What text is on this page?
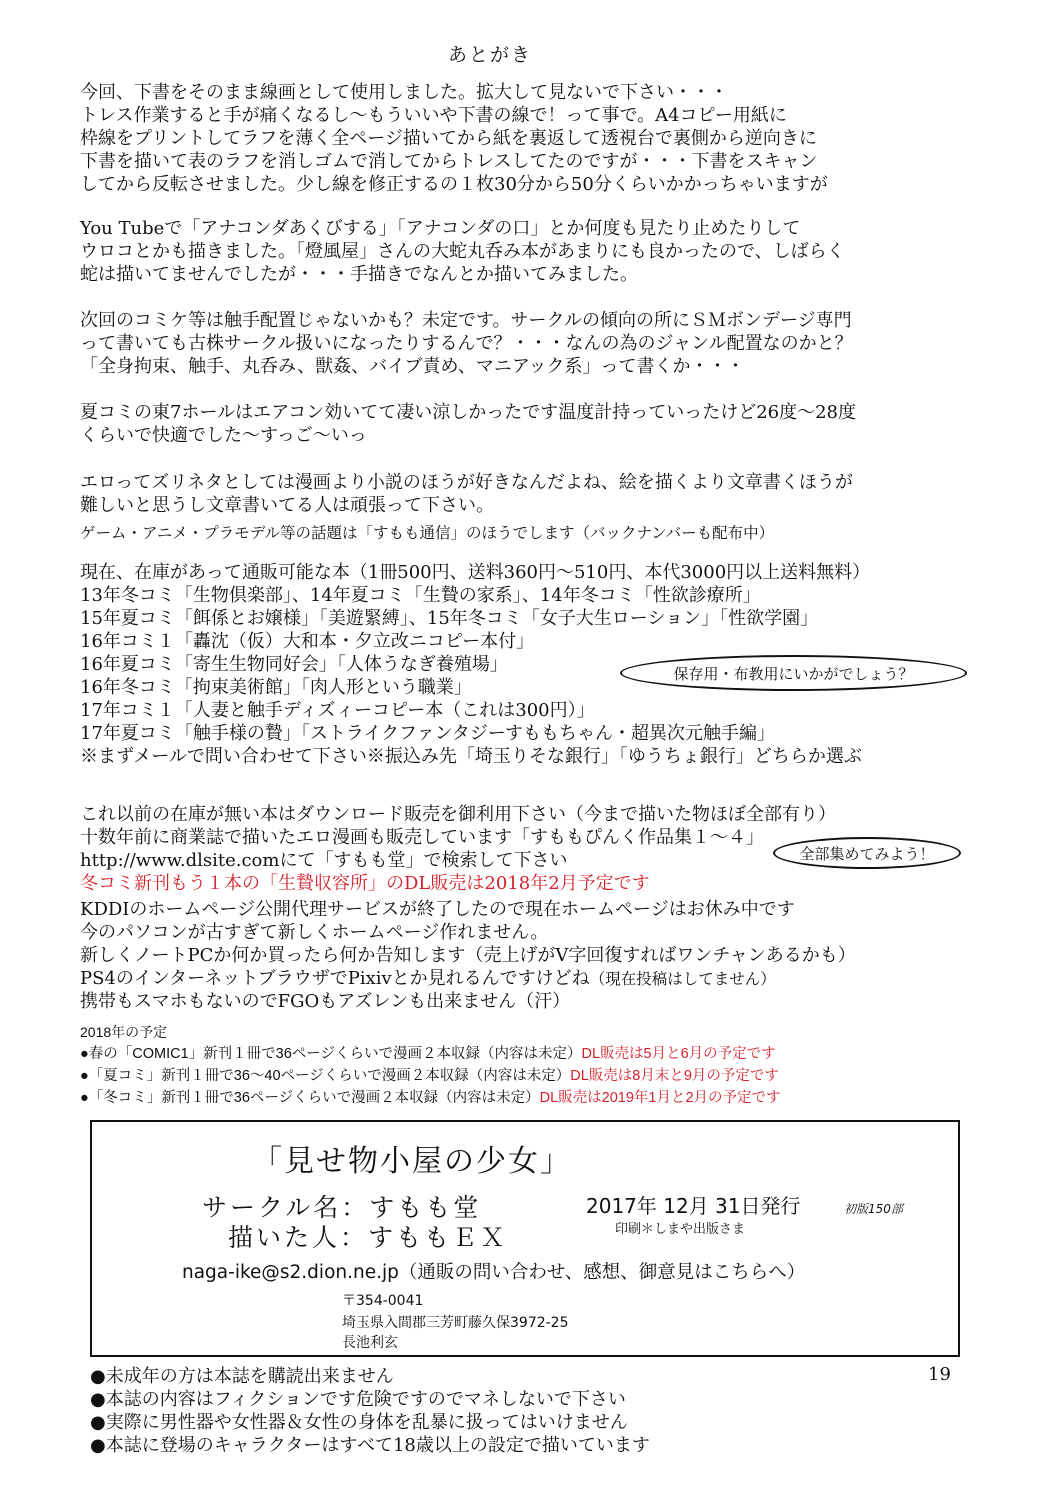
あとがき
今回、下書をそのまま線画として使用しました。拡大して見ないで下さい・・・
トレス作業すると手が痛くなるし〜もういいや下書の線で！って事で。A4コピー用紙に
枠線をプリントしてラフを薄く全ページ描いてから紙を裏返して透視台で裏側から逆向きに
下書を描いて表のラフを消しゴムで消してからトレスしてたのですが・・・下書をスキャン
してから反転させました。少し線を修正するの１枚30分から50分くらいかかっちゃいますが
You Tubeで「アナコンダあくびする」「アナコンダの口」とか何度も見たり止めたりして
ウロコとかも描きました。「燈風屋」さんの大蛇丸呑み本があまりにも良かったので、しばらく
蛇は描いてませんでしたが・・・手描きでなんとか描いてみました。
次回のコミケ等は触手配置じゃないかも？未定です。サークルの傾向の所にＳＭボンデージ専門
って書いても古株サークル扱いになったりするんで？・・・なんの為のジャンル配置なのかと？
「全身拘束、触手、丸呑み、獣姦、バイブ責め、マニアック系」って書くか・・・
夏コミの東7ホールはエアコン効いてて凄い涼しかったです温度計持っていったけど26度〜28度
くらいで快適でした〜すっご〜いっ
エロってズリネタとしては漫画より小説のほうが好きなんだよね、絵を描くより文章書くほうが
難しいと思うし文章書いてる人は頑張って下さい。
ゲーム・アニメ・プラモデル等の話題は「すもも通信」のほうでします（バックナンバーも配布中）
現在、在庫があって通販可能な本（1冊500円、送料360円〜510円、本代3000円以上送料無料）
13年冬コミ「生物倶楽部」、14年夏コミ「生贄の家系」、14年冬コミ「性欲診療所」
15年夏コミ「餌係とお嬢様」「美遊緊縛」、15年冬コミ「女子大生ローション」「性欲学園」
16年コミ１「轟沈（仮）大和本・夕立改ニコピー本付」
16年夏コミ「寄生生物同好会」「人体うなぎ養殖場」
16年冬コミ「拘束美術館」「肉人形という職業」
17年コミ１「人妻と触手ディズィーコピー本（これは300円）」
17年夏コミ「触手様の贄」「ストライクファンタジーすももちゃん・超異次元触手編」
※まずメールで問い合わせて下さい※振込み先「埼玉りそな銀行」「ゆうちょ銀行」どちらか選ぶ
保存用・布教用にいかがでしょう？
これ以前の在庫が無い本はダウンロード販売を御利用下さい（今まで描いた物ほぼ全部有り）
十数年前に商業誌で描いたエロ漫画も販売しています「すももぴんく作品集１〜４」
http://www.dlsite.comにて「すもも堂」で検索して下さい
冬コミ新刊もう１本の「生贄収容所」のDL販売は2018年2月予定です
全部集めてみよう！
KDDIのホームページ公開代理サービスが終了したので現在ホームページはお休み中です
今のパソコンが古すぎて新しくホームページ作れません。
新しくノートPCか何か買ったら何か告知します（売上げがV字回復すればワンチャンあるかも）
PS4のインターネットブラウザでPixivとか見れるんですけどね（現在投稿はしてません）
携帯もスマホもないのでFGOもアズレンも出来ません（汗）
2018年の予定
●春の「COMIC1」新刊１冊で36ページくらいで漫画２本収録（内容は未定）DL販売は5月と6月の予定です
●「夏コミ」新刊１冊で36〜40ページくらいで漫画２本収録（内容は未定）DL販売は8月末と9月の予定です
●「冬コミ」新刊１冊で36ページくらいで漫画２本収録（内容は未定）DL販売は2019年1月と2月の予定です
「見せ物小屋の少女」
サークル名：すもも堂
描いた人：すももＥＸ
2017年 12月 31日発行	初版150部
印刷＊しまや出版さま
naga-ike@s2.dion.ne.jp（通販の問い合わせ、感想、御意見はこちらへ）
〒354-0041
埼玉県入間郡三芳町藤久保3972-25
長池利玄
19
●未成年の方は本誌を購読出来ません
●本誌の内容はフィクションです危険ですのでマネしないで下さい
●実際に男性器や女性器＆女性の身体を乱暴に扱ってはいけません
●本誌に登場のキャラクターはすべて18歳以上の設定で描いています
